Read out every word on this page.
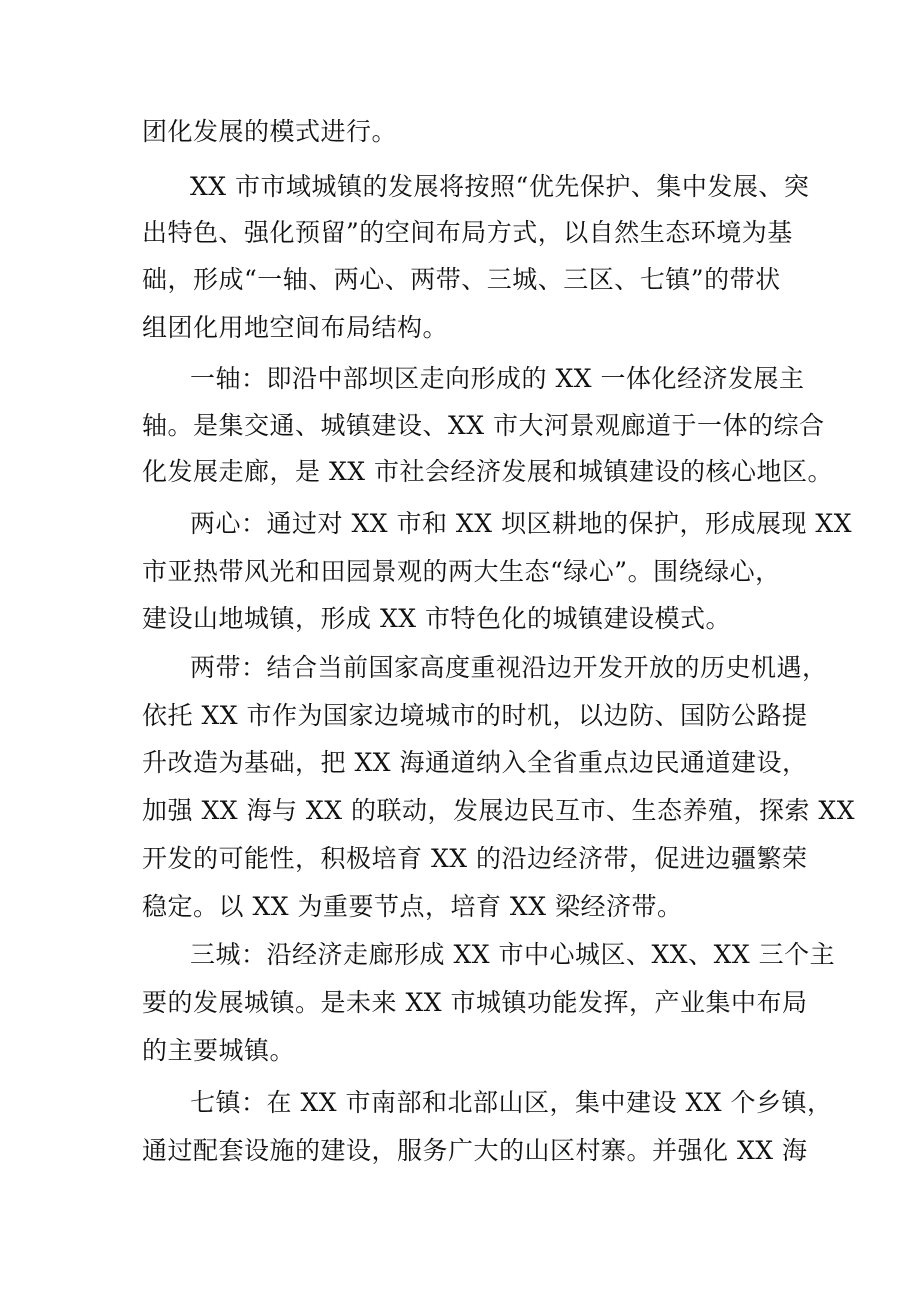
团化发展的模式进行。
XX 市市域城镇的发展将按照“优先保护、集中发展、突
出特色、强化预留”的空间布局方式，以自然生态环境为基
础，形成“一轴、两心、两带、三城、三区、七镇”的带状
组团化用地空间布局结构。
一轴：即沿中部坝区走向形成的 XX 一体化经济发展主
轴。是集交通、城镇建设、XX 市大河景观廊道于一体的综合
化发展走廊，是 XX 市社会经济发展和城镇建设的核心地区。
两心：通过对 XX 市和 XX 坝区耕地的保护，形成展现 XX
市亚热带风光和田园景观的两大生态“绿心”。围绕绿心，
建设山地城镇，形成 XX 市特色化的城镇建设模式。
两带：结合当前国家高度重视沿边开发开放的历史机遇，
依托 XX 市作为国家边境城市的时机，以边防、国防公路提
升改造为基础，把 XX 海通道纳入全省重点边民通道建设，
加强 XX 海与 XX 的联动，发展边民互市、生态养殖，探索 XX
开发的可能性，积极培育 XX 的沿边经济带，促进边疆繁荣
稳定。以 XX 为重要节点，培育 XX 梁经济带。
三城：沿经济走廊形成 XX 市中心城区、XX、XX 三个主
要的发展城镇。是未来 XX 市城镇功能发挥，产业集中布局
的主要城镇。
七镇：在 XX 市南部和北部山区，集中建设 XX 个乡镇，
通过配套设施的建设，服务广大的山区村寨。并强化 XX 海
